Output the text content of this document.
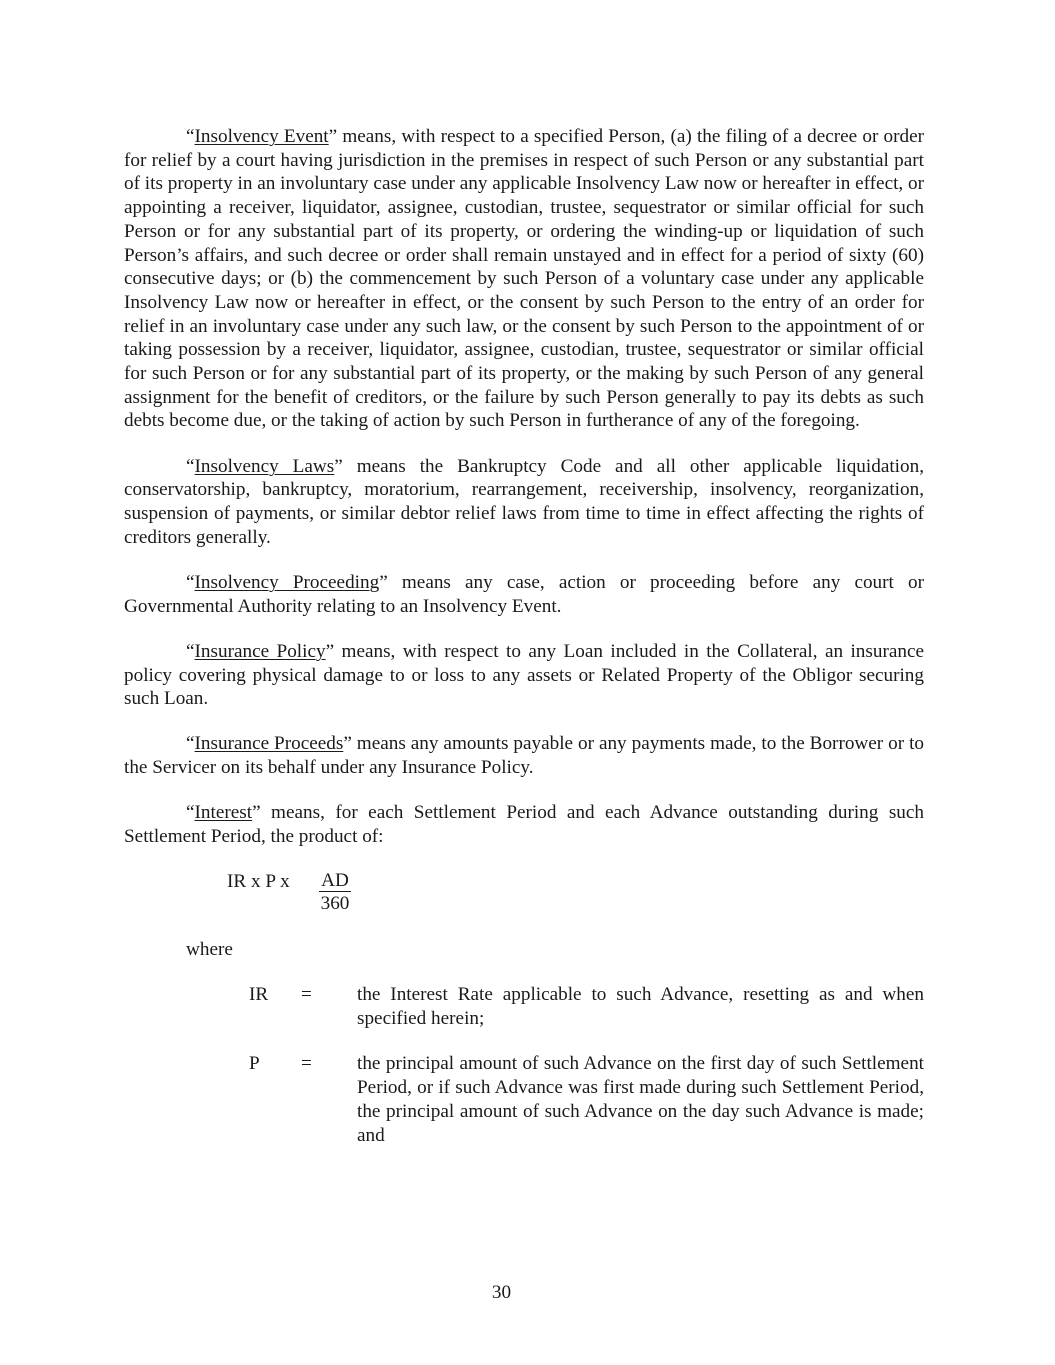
“Insolvency Event” means, with respect to a specified Person, (a) the filing of a decree or order for relief by a court having jurisdiction in the premises in respect of such Person or any substantial part of its property in an involuntary case under any applicable Insolvency Law now or hereafter in effect, or appointing a receiver, liquidator, assignee, custodian, trustee, sequestrator or similar official for such Person or for any substantial part of its property, or ordering the winding-up or liquidation of such Person’s affairs, and such decree or order shall remain unstayed and in effect for a period of sixty (60) consecutive days; or (b) the commencement by such Person of a voluntary case under any applicable Insolvency Law now or hereafter in effect, or the consent by such Person to the entry of an order for relief in an involuntary case under any such law, or the consent by such Person to the appointment of or taking possession by a receiver, liquidator, assignee, custodian, trustee, sequestrator or similar official for such Person or for any substantial part of its property, or the making by such Person of any general assignment for the benefit of creditors, or the failure by such Person generally to pay its debts as such debts become due, or the taking of action by such Person in furtherance of any of the foregoing.

“Insolvency Laws” means the Bankruptcy Code and all other applicable liquidation, conservatorship, bankruptcy, moratorium, rearrangement, receivership, insolvency, reorganization, suspension of payments, or similar debtor relief laws from time to time in effect affecting the rights of creditors generally.

“Insolvency Proceeding” means any case, action or proceeding before any court or Governmental Authority relating to an Insolvency Event.

“Insurance Policy” means, with respect to any Loan included in the Collateral, an insurance policy covering physical damage to or loss to any assets or Related Property of the Obligor securing such Loan.

“Insurance Proceeds” means any amounts payable or any payments made, to the Borrower or to the Servicer on its behalf under any Insurance Policy.

“Interest” means, for each Settlement Period and each Advance outstanding during such Settlement Period, the product of:

IR x P x $\frac{AD}{360}$
where
IR = the Interest Rate applicable to such Advance, resetting as and when specified herein;
P = the principal amount of such Advance on the first day of such Settlement Period, or if such Advance was first made during such Settlement Period, the principal amount of such Advance on the day such Advance is made; and
30
